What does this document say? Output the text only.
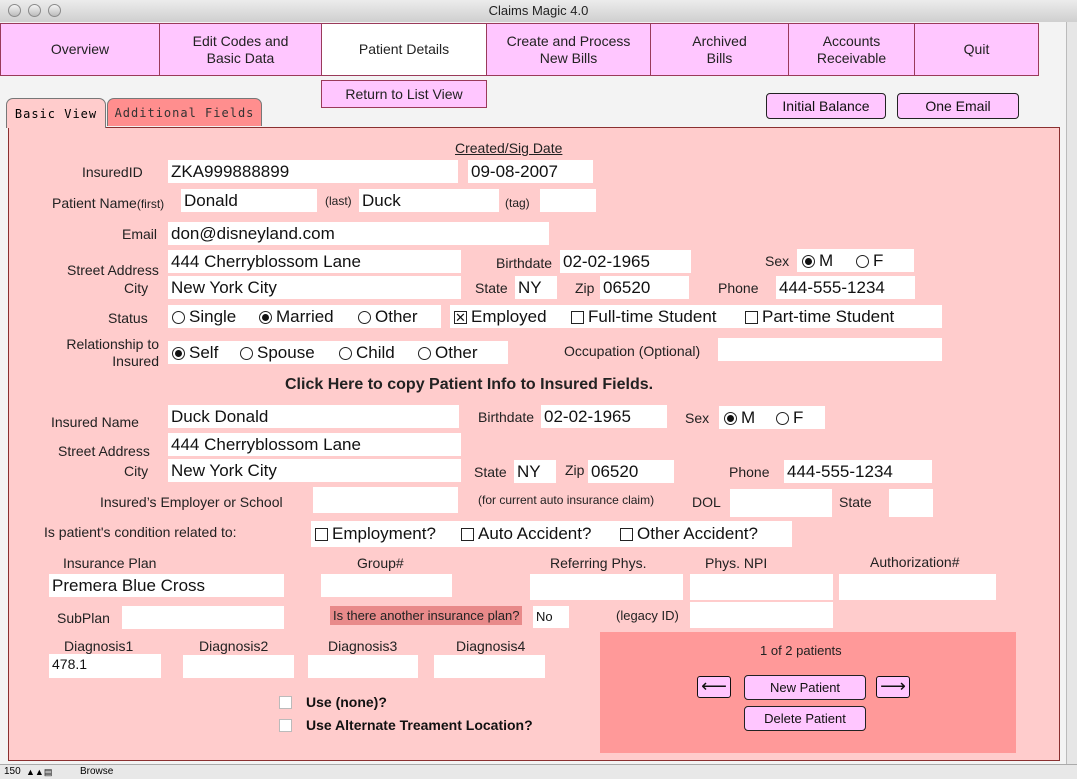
Claims Magic 4.0
Overview
Edit Codes and
Basic Data
Patient Details
Create and Process
New Bills
Archived
Bills
Accounts
Receivable
Quit
Return to List View
Basic View	Additional Fields	Initial Balance	One Email
Created/Sig Date
InsuredID ZKA999888899	09-08-2007
Patient Name(first) Donald	(last) Duck	(tag)
Email don@disneyland.com
Street Address 444 Cherryblossom Lane	Birthdate 02-02-1965	Sex M F
City New York City	State NY	Zip 06520	Phone 444-555-1234
Status Single Married Other	✕ Employed Full-time Student	Part-time Student
Relationship to
Insured Self Spouse Child Other	Occupation (Optional)
Click Here to copy Patient Info to Insured Fields.
Insured Name Duck Donald	Birthdate 02-02-1965	Sex M F
Street Address 444 Cherryblossom Lane
City New York City	State NY	Zip 06520	Phone 444-555-1234
Insured’s Employer or School	(for current auto insurance claim)	DOL	State
Is patient's condition related to:	Employment? Auto Accident?	Other Accident?
Insurance Plan
Premera Blue Cross
Group#	Referring Phys.	Phys. NPI	Authorization#
SubPlan	Is there another insurance plan? No	(legacy ID)
Diagnosis1
478.1
Diagnosis2	Diagnosis3	Diagnosis4
Use (none)?
Use Alternate Treament Location?
1 of 2 patients
⟵	New Patient	⟶
Delete Patient
150 ▲▲▤	Browse
